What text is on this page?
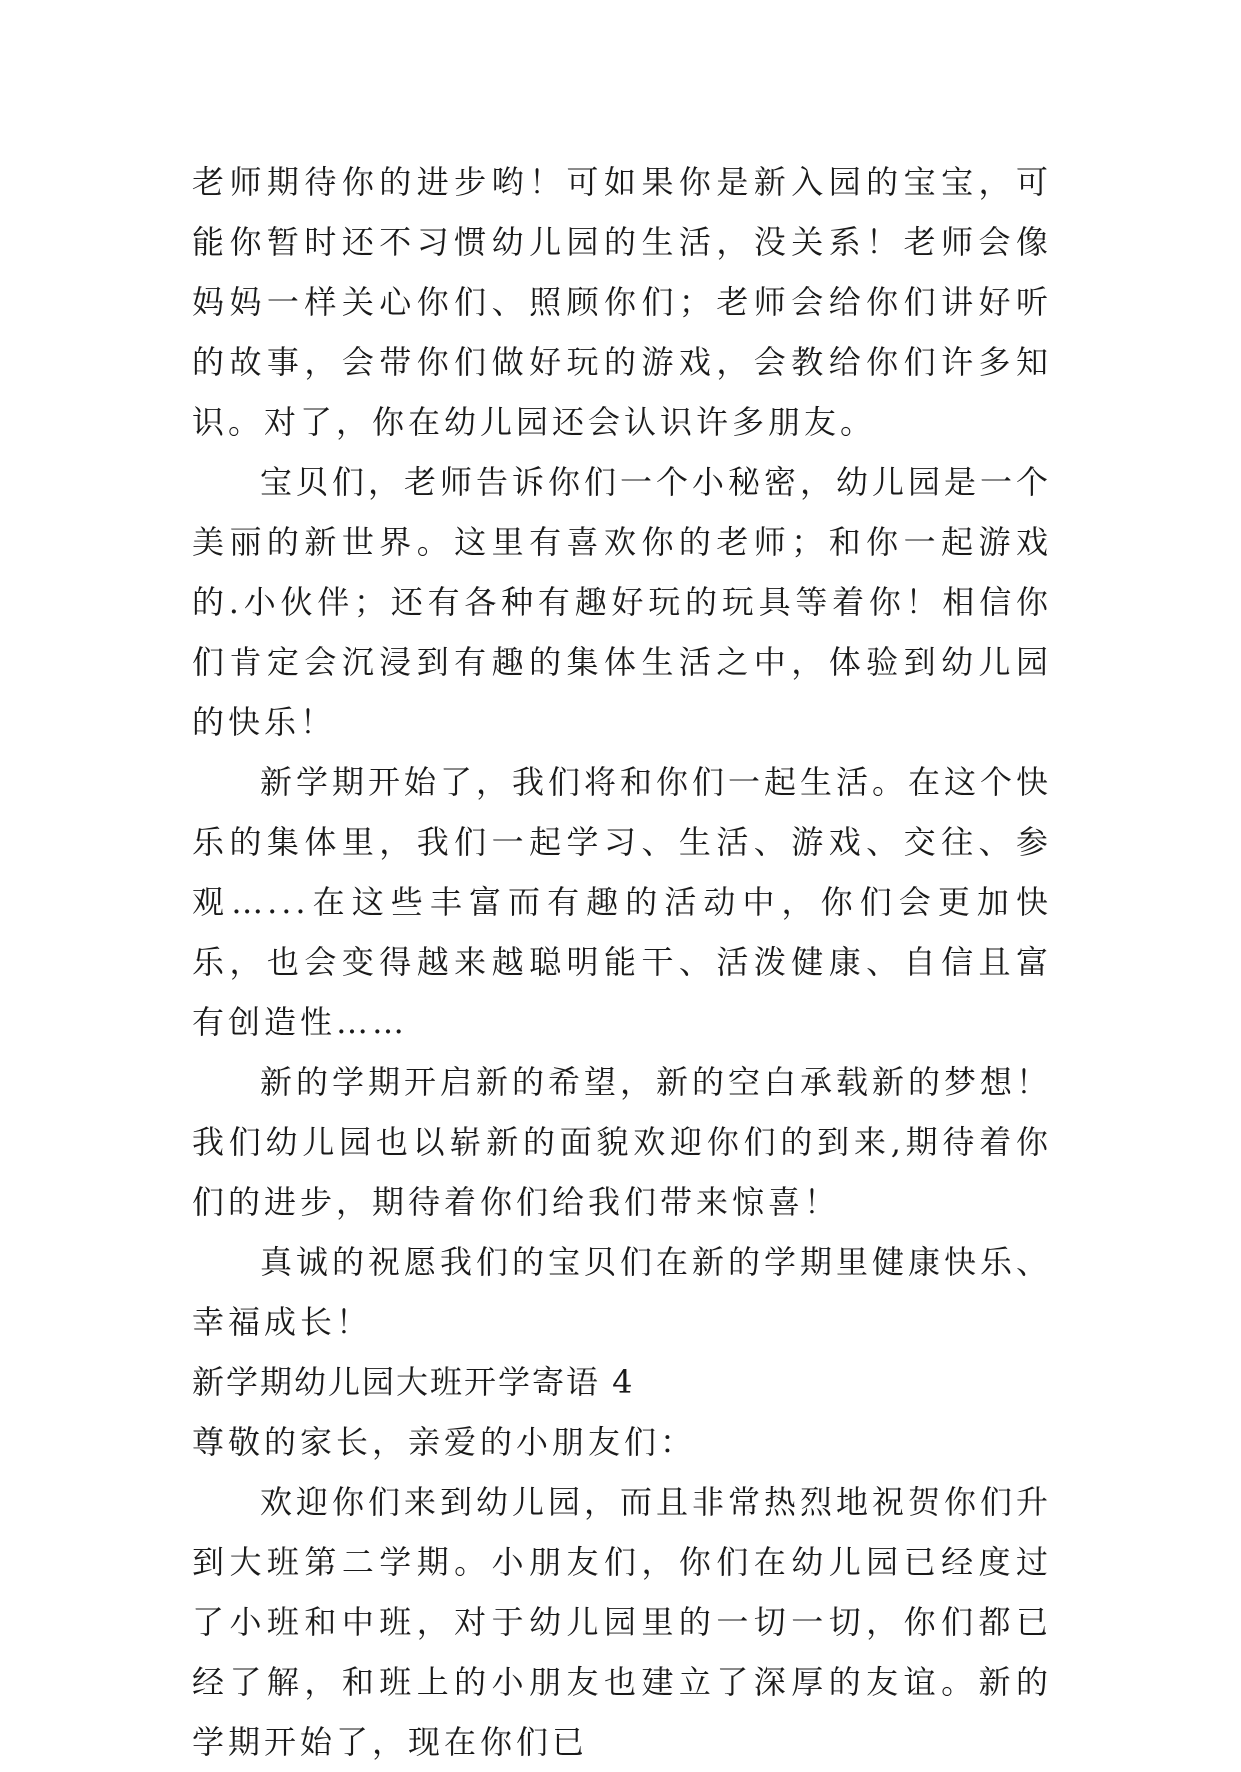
老师期待你的进步哟！可如果你是新入园的宝宝，可能你暂时还不习惯幼儿园的生活，没关系！老师会像妈妈一样关心你们、照顾你们；老师会给你们讲好听的故事，会带你们做好玩的游戏，会教给你们许多知识。对了，你在幼儿园还会认识许多朋友。

宝贝们，老师告诉你们一个小秘密，幼儿园是一个美丽的新世界。这里有喜欢你的老师；和你一起游戏的.小伙伴；还有各种有趣好玩的玩具等着你！相信你们肯定会沉浸到有趣的集体生活之中，体验到幼儿园的快乐！

新学期开始了，我们将和你们一起生活。在这个快乐的集体里，我们一起学习、生活、游戏、交往、参观…...在这些丰富而有趣的活动中，你们会更加快乐，也会变得越来越聪明能干、活泼健康、自信且富有创造性……

新的学期开启新的希望，新的空白承载新的梦想！我们幼儿园也以崭新的面貌欢迎你们的到来,期待着你们的进步，期待着你们给我们带来惊喜！

真诚的祝愿我们的宝贝们在新的学期里健康快乐、幸福成长！

新学期幼儿园大班开学寄语 4

尊敬的家长，亲爱的小朋友们：

欢迎你们来到幼儿园，而且非常热烈地祝贺你们升到大班第二学期。小朋友们，你们在幼儿园已经度过了小班和中班，对于幼儿园里的一切一切，你们都已经了解，和班上的小朋友也建立了深厚的友谊。新的学期开始了，现在你们已
